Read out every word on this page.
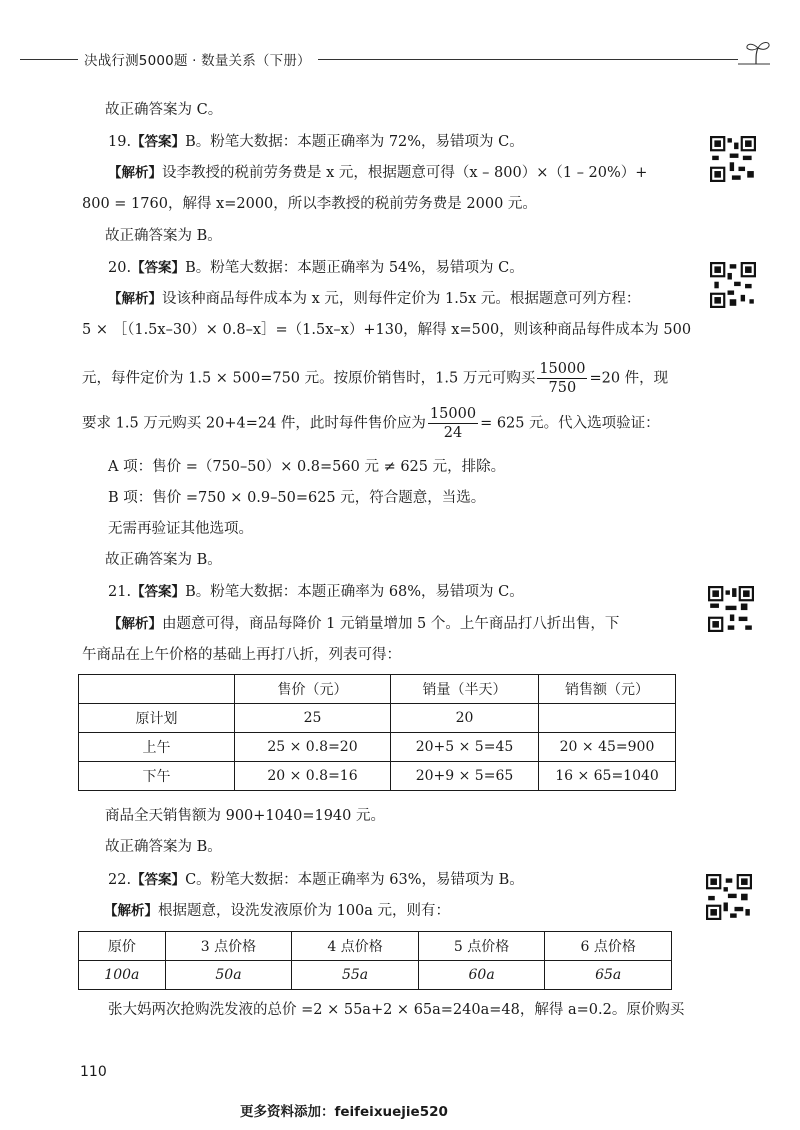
决战行测5000题 · 数量关系（下册）
故正确答案为 C。
19.【答案】B。粉笔大数据：本题正确率为 72%，易错项为 C。
【解析】设李教授的税前劳务费是 x 元，根据题意可得（x – 800）×（1 – 20%）+
800 = 1760，解得 x=2000，所以李教授的税前劳务费是 2000 元。
故正确答案为 B。
20.【答案】B。粉笔大数据：本题正确率为 54%，易错项为 C。
【解析】设该种商品每件成本为 x 元，则每件定价为 1.5x 元。根据题意可列方程：
5 × ［（1.5x–30）× 0.8–x］=（1.5x–x）+130，解得 x=500，则该种商品每件成本为 500
元，每件定价为 1.5 × 500=750 元。按原价销售时，1.5 万元可购买 $\frac{15000}{750} =20$ 件，现
要求 1.5 万元购买 20+4=24 件，此时每件售价应为 $\frac{15000}{24} = 625$ 元。代入选项验证：
A 项：售价 =（750–50）× 0.8=560 元 ≠ 625 元，排除。
B 项：售价 =750 × 0.9–50=625 元，符合题意，当选。
无需再验证其他选项。
故正确答案为 B。
21.【答案】B。粉笔大数据：本题正确率为 68%，易错项为 C。
【解析】由题意可得，商品每降价 1 元销量增加 5 个。上午商品打八折出售，下
午商品在上午价格的基础上再打八折，列表可得：
	售价（元）	销量（半天）	销售额（元）
原计划	25	20	
上午	25 × 0.8=20	20+5 × 5=45	20 × 45=900
下午	20 × 0.8=16	20+9 × 5=65	16 × 65=1040
商品全天销售额为 900+1040=1940 元。
故正确答案为 B。
22.【答案】C。粉笔大数据：本题正确率为 63%，易错项为 B。
【解析】根据题意，设洗发液原价为 100a 元，则有：
原价	3 点价格	4 点价格	5 点价格	6 点价格
100a	50a	55a	60a	65a
张大妈两次抢购洗发液的总价 =2 × 55a+2 × 65a=240a=48，解得 a=0.2。原价购买
110
更多资料添加：feifeixuejie520
